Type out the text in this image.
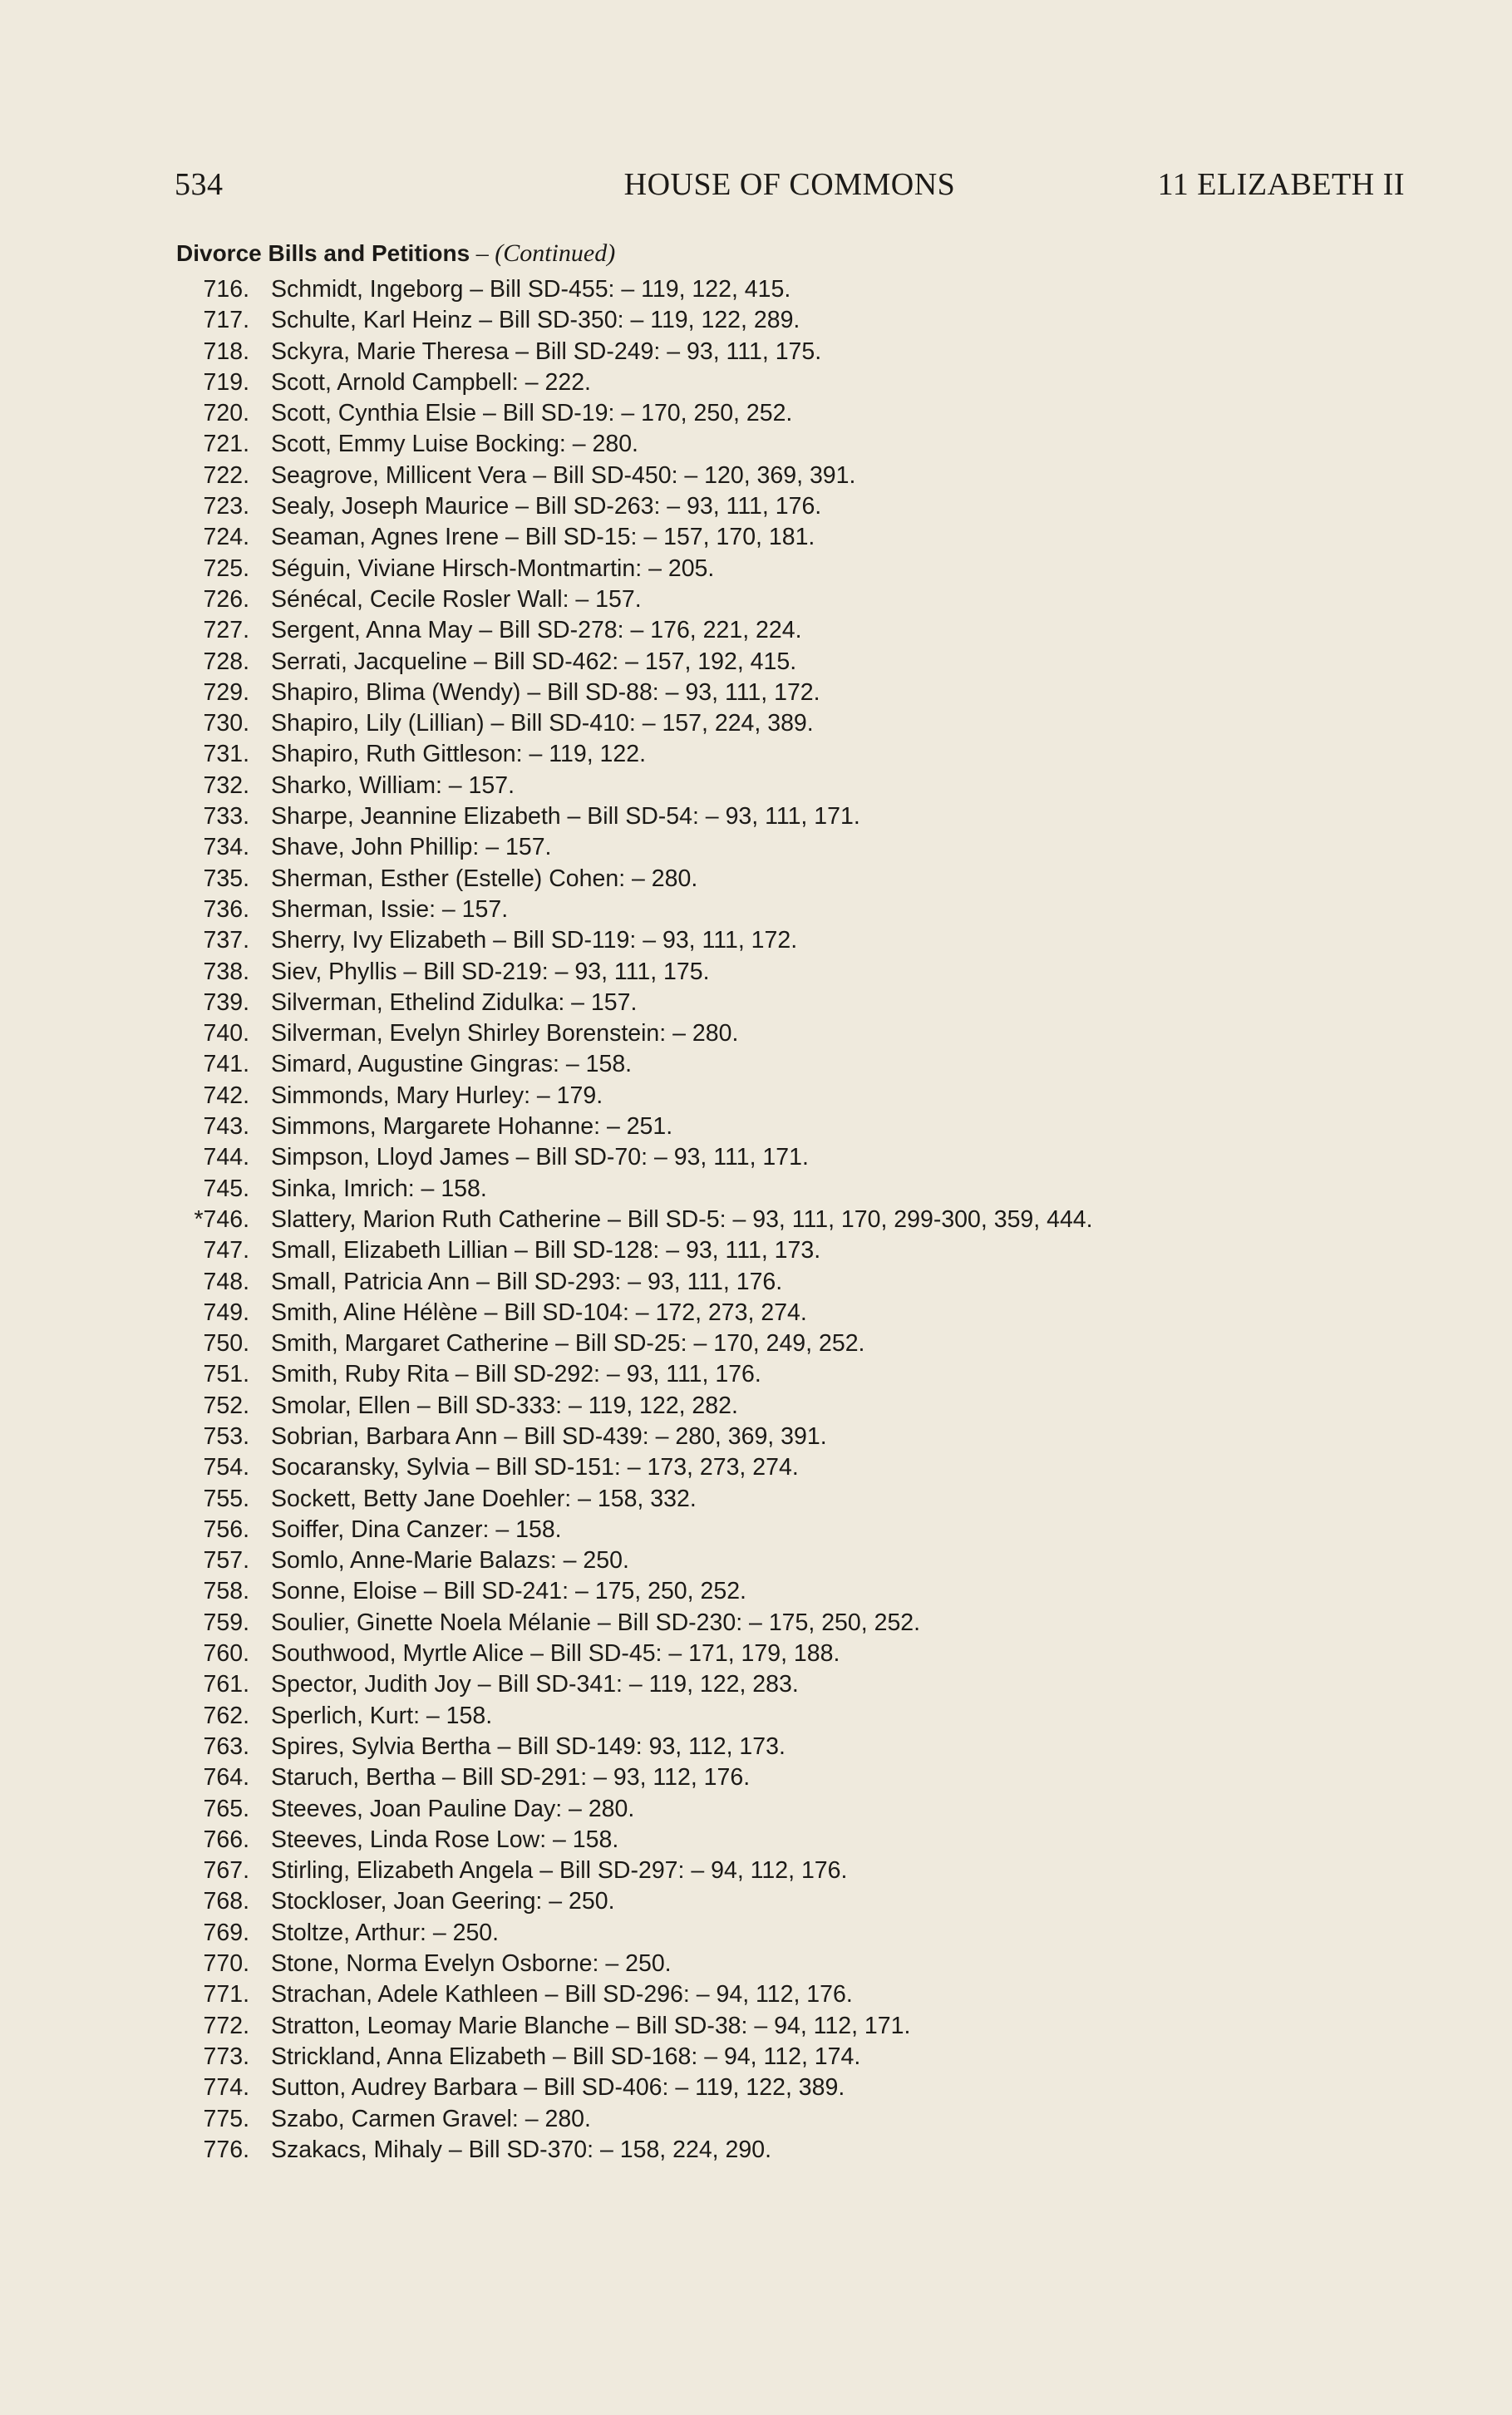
534	HOUSE OF COMMONS	11 ELIZABETH II
Divorce Bills and Petitions – (Continued)
716. Schmidt, Ingeborg – Bill SD-455: – 119, 122, 415.
717. Schulte, Karl Heinz – Bill SD-350: – 119, 122, 289.
718. Sckyra, Marie Theresa – Bill SD-249: – 93, 111, 175.
719. Scott, Arnold Campbell: – 222.
720. Scott, Cynthia Elsie – Bill SD-19: – 170, 250, 252.
721. Scott, Emmy Luise Bocking: – 280.
722. Seagrove, Millicent Vera – Bill SD-450: – 120, 369, 391.
723. Sealy, Joseph Maurice – Bill SD-263: – 93, 111, 176.
724. Seaman, Agnes Irene – Bill SD-15: – 157, 170, 181.
725. Séguin, Viviane Hirsch-Montmartin: – 205.
726. Sénécal, Cecile Rosler Wall: – 157.
727. Sergent, Anna May – Bill SD-278: – 176, 221, 224.
728. Serrati, Jacqueline – Bill SD-462: – 157, 192, 415.
729. Shapiro, Blima (Wendy) – Bill SD-88: – 93, 111, 172.
730. Shapiro, Lily (Lillian) – Bill SD-410: – 157, 224, 389.
731. Shapiro, Ruth Gittleson: – 119, 122.
732. Sharko, William: – 157.
733. Sharpe, Jeannine Elizabeth – Bill SD-54: – 93, 111, 171.
734. Shave, John Phillip: – 157.
735. Sherman, Esther (Estelle) Cohen: – 280.
736. Sherman, Issie: – 157.
737. Sherry, Ivy Elizabeth – Bill SD-119: – 93, 111, 172.
738. Siev, Phyllis – Bill SD-219: – 93, 111, 175.
739. Silverman, Ethelind Zidulka: – 157.
740. Silverman, Evelyn Shirley Borenstein: – 280.
741. Simard, Augustine Gingras: – 158.
742. Simmonds, Mary Hurley: – 179.
743. Simmons, Margarete Hohanne: – 251.
744. Simpson, Lloyd James – Bill SD-70: – 93, 111, 171.
745. Sinka, Imrich: – 158.
*746. Slattery, Marion Ruth Catherine – Bill SD-5: – 93, 111, 170, 299-300, 359, 444.
747. Small, Elizabeth Lillian – Bill SD-128: – 93, 111, 173.
748. Small, Patricia Ann – Bill SD-293: – 93, 111, 176.
749. Smith, Aline Hélène – Bill SD-104: – 172, 273, 274.
750. Smith, Margaret Catherine – Bill SD-25: – 170, 249, 252.
751. Smith, Ruby Rita – Bill SD-292: – 93, 111, 176.
752. Smolar, Ellen – Bill SD-333: – 119, 122, 282.
753. Sobrian, Barbara Ann – Bill SD-439: – 280, 369, 391.
754. Socaransky, Sylvia – Bill SD-151: – 173, 273, 274.
755. Sockett, Betty Jane Doehler: – 158, 332.
756. Soiffer, Dina Canzer: – 158.
757. Somlo, Anne-Marie Balazs: – 250.
758. Sonne, Eloise – Bill SD-241: – 175, 250, 252.
759. Soulier, Ginette Noela Mélanie – Bill SD-230: – 175, 250, 252.
760. Southwood, Myrtle Alice – Bill SD-45: – 171, 179, 188.
761. Spector, Judith Joy – Bill SD-341: – 119, 122, 283.
762. Sperlich, Kurt: – 158.
763. Spires, Sylvia Bertha – Bill SD-149: 93, 112, 173.
764. Staruch, Bertha – Bill SD-291: – 93, 112, 176.
765. Steeves, Joan Pauline Day: – 280.
766. Steeves, Linda Rose Low: – 158.
767. Stirling, Elizabeth Angela – Bill SD-297: – 94, 112, 176.
768. Stockloser, Joan Geering: – 250.
769. Stoltze, Arthur: – 250.
770. Stone, Norma Evelyn Osborne: – 250.
771. Strachan, Adele Kathleen – Bill SD-296: – 94, 112, 176.
772. Stratton, Leomay Marie Blanche – Bill SD-38: – 94, 112, 171.
773. Strickland, Anna Elizabeth – Bill SD-168: – 94, 112, 174.
774. Sutton, Audrey Barbara – Bill SD-406: – 119, 122, 389.
775. Szabo, Carmen Gravel: – 280.
776. Szakacs, Mihaly – Bill SD-370: – 158, 224, 290.
